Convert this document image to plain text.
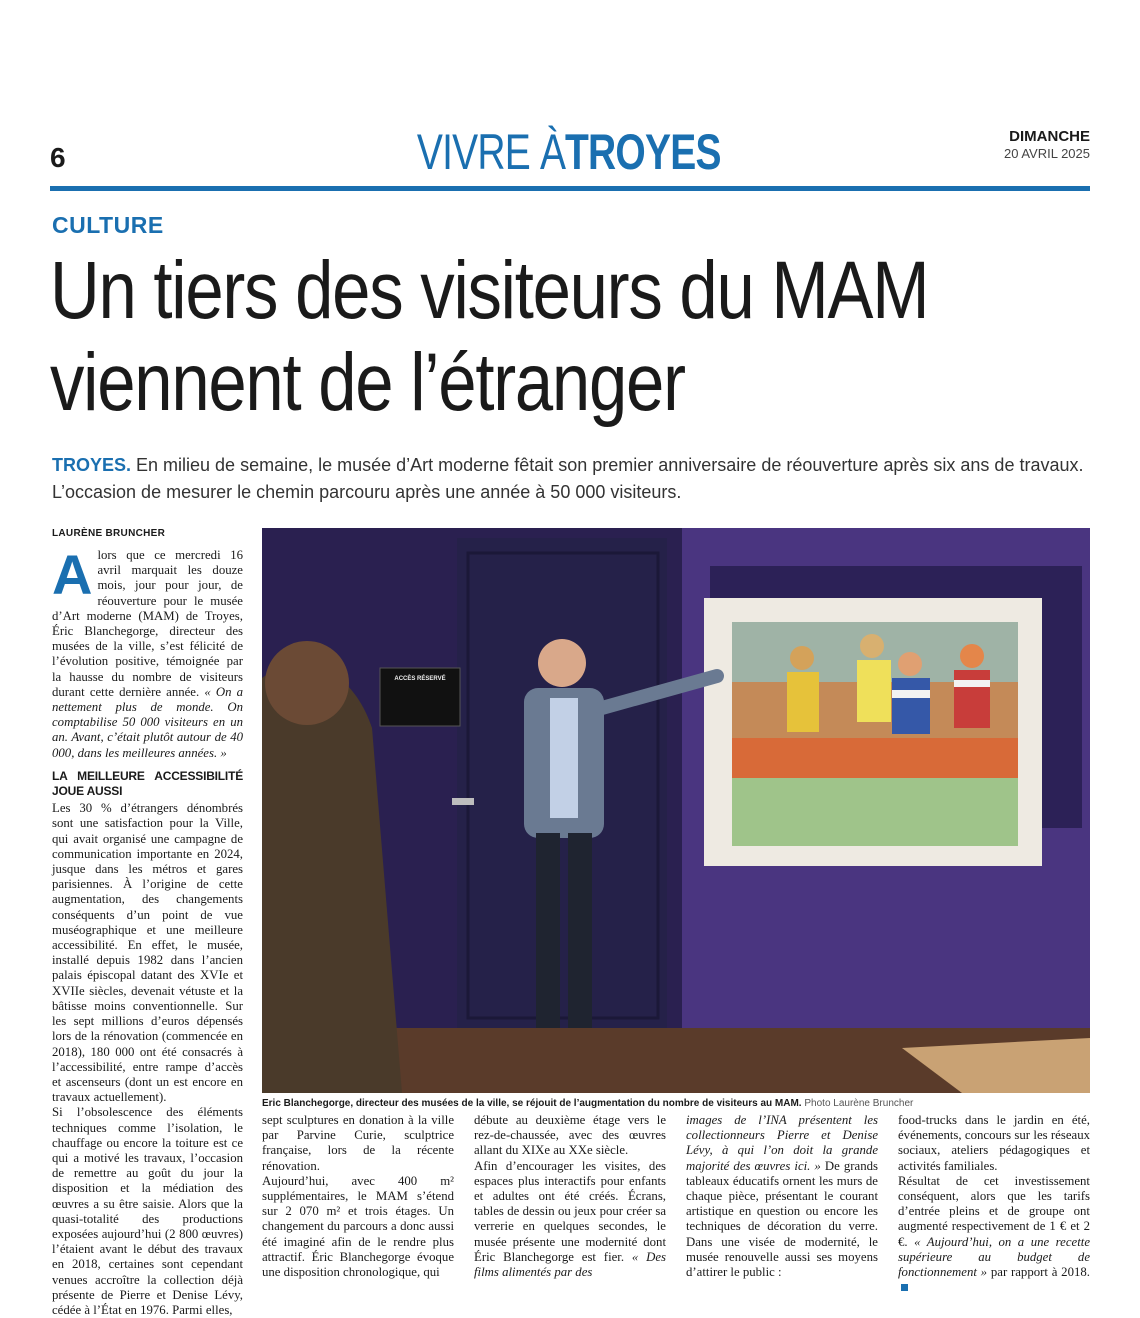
6	VIVRE ÀTROYES	DIMANCHE
20 AVRIL 2025
CULTURE
Un tiers des visiteurs du MAM
viennent de l’étranger
TROYES. En milieu de semaine, le musée d’Art moderne fêtait son premier anniversaire de réouverture après six ans de travaux. L’occasion de mesurer le chemin parcouru après une année à 50 000 visiteurs.
LAURÈNE BRUNCHER

Alors que ce mercredi 16 avril marquait les douze mois, jour pour jour, de réouverture pour le musée d’Art moderne (MAM) de Troyes, Éric Blanchegorge, directeur des musées de la ville, s’est félicité de l’évolution positive, témoignée par la hausse du nombre de visiteurs durant cette dernière année. « On a nettement plus de monde. On comptabilise 50 000 visiteurs en un an. Avant, c’était plutôt autour de 40 000, dans les meilleures années. »

LA MEILLEURE ACCESSIBILITÉ JOUE AUSSI

Les 30 % d’étrangers dénombrés sont une satisfaction pour la Ville, qui avait organisé une campagne de communication importante en 2024, jusque dans les métros et gares parisiennes. À l’origine de cette augmentation, des changements conséquents d’un point de vue muséographique et une meilleure accessibilité. En effet, le musée, installé depuis 1982 dans l’ancien palais épiscopal datant des XVIe et XVIIe siècles, devenait vétuste et la bâtisse moins conventionnelle. Sur les sept millions d’euros dépensés lors de la rénovation (commencée en 2018), 180 000 ont été consacrés à l’accessibilité, entre rampe d’accès et ascenseurs (dont un est encore en travaux actuellement).

Si l’obsolescence des éléments techniques comme l’isolation, le chauffage ou encore la toiture est ce qui a motivé les travaux, l’occasion de remettre au goût du jour la disposition et la médiation des œuvres a su être saisie. Alors que la quasi-totalité des productions exposées aujourd’hui (2 800 œuvres) l’étaient avant le début des travaux en 2018, certaines sont cependant venues accroître la collection déjà présente de Pierre et Denise Lévy, cédée à l’État en 1976. Parmi elles,

ACCÈS RÉSERVÉ
Eric Blanchegorge, directeur des musées de la ville, se réjouit de l’augmentation du nombre de visiteurs au MAM. Photo Laurène Bruncher

sept sculptures en donation à la ville par Parvine Curie, sculptrice française, lors de la récente rénovation.

Aujourd’hui, avec 400 m² supplémentaires, le MAM s’étend sur 2 070 m² et trois étages. Un changement du parcours a donc aussi été imaginé afin de le rendre plus attractif. Éric Blanchegorge évoque une disposition chronologique, qui

débute au deuxième étage vers le rez-de-chaussée, avec des œuvres allant du XIXe au XXe siècle.

Afin d’encourager les visites, des espaces plus interactifs pour enfants et adultes ont été créés. Écrans, tables de dessin ou jeux pour créer sa verrerie en quelques secondes, le musée présente une modernité dont Éric Blanchegorge est fier. « Des films alimentés par des

images de l’INA présentent les collectionneurs Pierre et Denise Lévy, à qui l’on doit la grande majorité des œuvres ici. » De grands tableaux éducatifs ornent les murs de chaque pièce, présentant le courant artistique en question ou encore les techniques de décoration du verre. Dans une visée de modernité, le musée renouvelle aussi ses moyens d’attirer le public :

food-trucks dans le jardin en été, événements, concours sur les réseaux sociaux, ateliers pédagogiques et activités familiales.

Résultat de cet investissement conséquent, alors que les tarifs d’entrée pleins et de groupe ont augmenté respectivement de 1 € et 2 €. « Aujourd’hui, on a une recette supérieure au budget de fonctionnement » par rapport à 2018.
